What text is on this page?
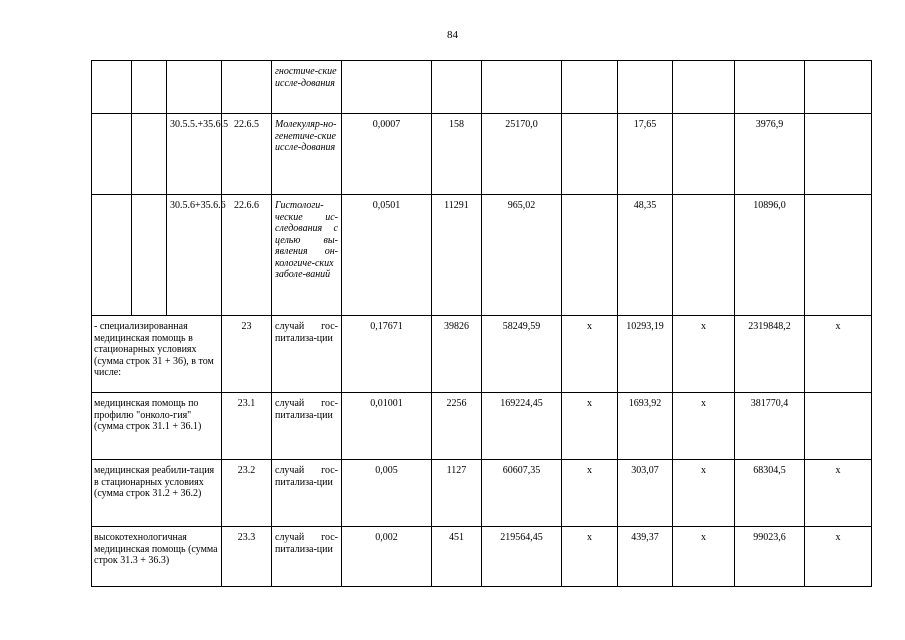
84
				гностиче-ские исслe-дования								
		30.5.5.+35.6.5	22.6.5	Молекуляр-но-генетиче-ские иссле-дования	0,0007	158	25170,0		17,65		3976,9	
		30.5.6+35.6.6	22.6.6	Гистологи-ческие ис-следования с целью вы-явления он-кологиче-ских заболе-ваний	0,0501	11291	965,02		48,35		10896,0	
- специализированная медицинская помощь в стационарных условиях (сумма строк 31 + 36), в том числе:			23	случай гос-питализа-ции	0,17671	39826	58249,59	x	10293,19	x	2319848,2	x
медицинская помощь по профилю "онколо-гия" (сумма строк 31.1 + 36.1)			23.1	случай гос-питализа-ции	0,01001	2256	169224,45	x	1693,92	x	381770,4	
медицинская реабили-тация в стационарных условиях (сумма строк 31.2 + 36.2)			23.2	случай гос-питализа-ции	0,005	1127	60607,35	x	303,07	x	68304,5	x
высокотехнологичная медицинская помощь (сумма строк 31.3 + 36.3)			23.3	случай гос-питализа-ции	0,002	451	219564,45	x	439,37	x	99023,6	x
